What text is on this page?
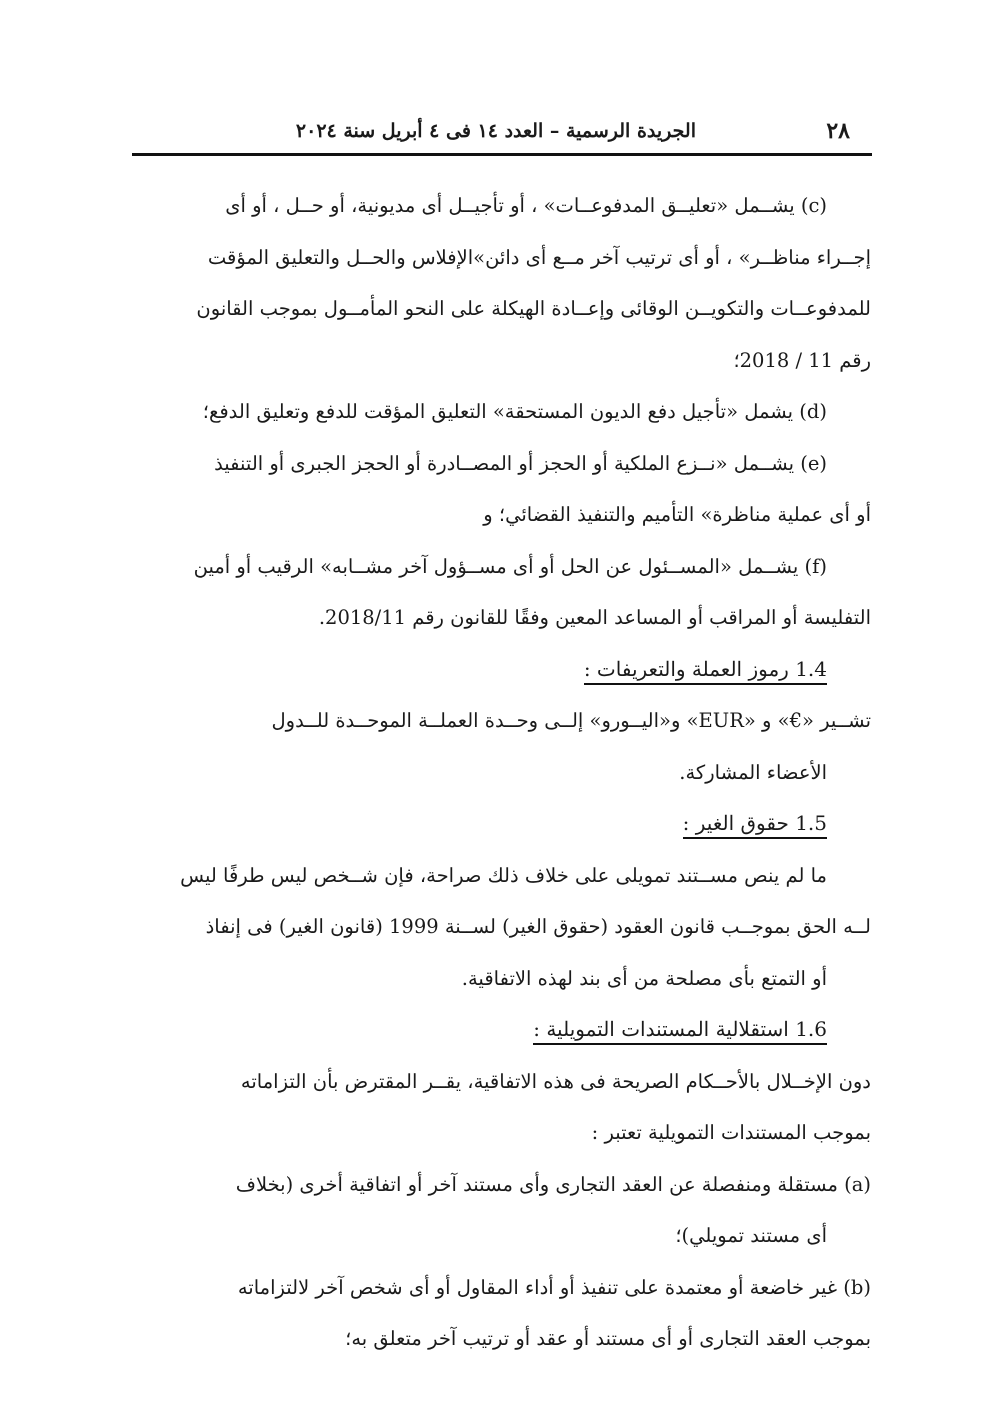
٢٨
الجريدة الرسمية – العدد ١٤ فى ٤ أبريل سنة ٢٠٢٤
(c) يشــمل «تعليــق المدفوعــات» ، أو تأجيــل أى مديونية، أو حــل ، أو أى
إجــراء مناظــر» ، أو أى ترتيب آخر مــع أى دائن»الإفلاس والحــل والتعليق المؤقت
للمدفوعــات والتكويــن الوقائى وإعــادة الهيكلة على النحو المأمــول بموجب القانون
رقم 11 / 2018؛
(d) يشمل «تأجيل دفع الديون المستحقة» التعليق المؤقت للدفع وتعليق الدفع؛
(e) يشــمل «نــزع الملكية أو الحجز أو المصــادرة أو الحجز الجبرى أو التنفيذ
أو أى عملية مناظرة» التأميم والتنفيذ القضائي؛ و
(f) يشــمل «المســئول عن الحل أو أى مســؤول آخر مشــابه» الرقيب أو أمين
التفليسة أو المراقب أو المساعد المعين وفقًا للقانون رقم 2018/11.
1.4 رموز العملة والتعريفات :
تشــير «€» و «EUR» و«اليــورو» إلــى وحــدة العملــة الموحــدة للــدول
الأعضاء المشاركة.
1.5 حقوق الغير :
ما لم ينص مســتند تمويلى على خلاف ذلك صراحة، فإن شــخص ليس طرفًا ليس
لــه الحق بموجــب قانون العقود (حقوق الغير) لســنة 1999 (قانون الغير) فى إنفاذ
أو التمتع بأى مصلحة من أى بند لهذه الاتفاقية.
1.6 استقلالية المستندات التمويلية :
دون الإخــلال بالأحــكام الصريحة فى هذه الاتفاقية، يقــر المقترض بأن التزاماته
بموجب المستندات التمويلية تعتبر :
(a) مستقلة ومنفصلة عن العقد التجارى وأى مستند آخر أو اتفاقية أخرى (بخلاف
أى مستند تمويلي)؛
(b) غير خاضعة أو معتمدة على تنفيذ أو أداء المقاول أو أى شخص آخر لالتزاماته
بموجب العقد التجارى أو أى مستند أو عقد أو ترتيب آخر متعلق به؛
